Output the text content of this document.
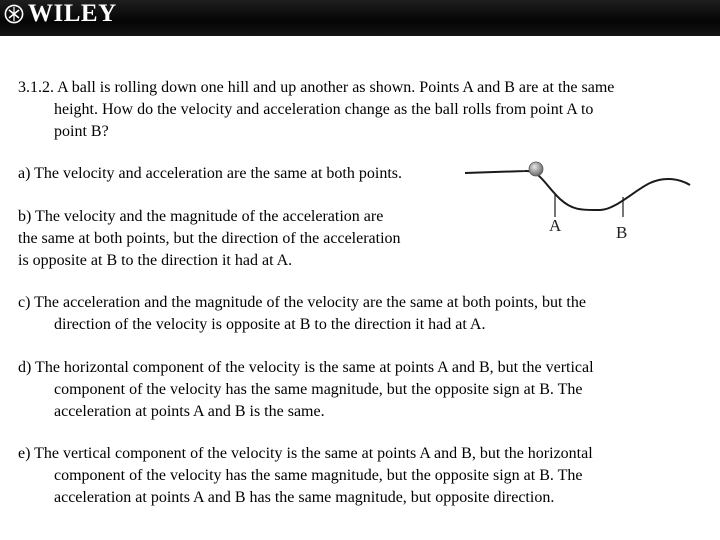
WILEY
3.1.2. A ball is rolling down one hill and up another as shown. Points A and B are at the same
height. How do the velocity and acceleration change as the ball rolls from point A to
point B?
a) The velocity and acceleration are the same at both points.
b) The velocity and the magnitude of the acceleration are
the same at both points, but the direction of the acceleration
is opposite at B to the direction it had at A.
c) The acceleration and the magnitude of the velocity are the same at both points, but the
direction of the velocity is opposite at B to the direction it had at A.
d) The horizontal component of the velocity is the same at points A and B, but the vertical
component of the velocity has the same magnitude, but the opposite sign at B. The
acceleration at points A and B is the same.
e) The vertical component of the velocity is the same at points A and B, but the horizontal
component of the velocity has the same magnitude, but the opposite sign at B. The
acceleration at points A and B has the same magnitude, but opposite direction.
A	B
